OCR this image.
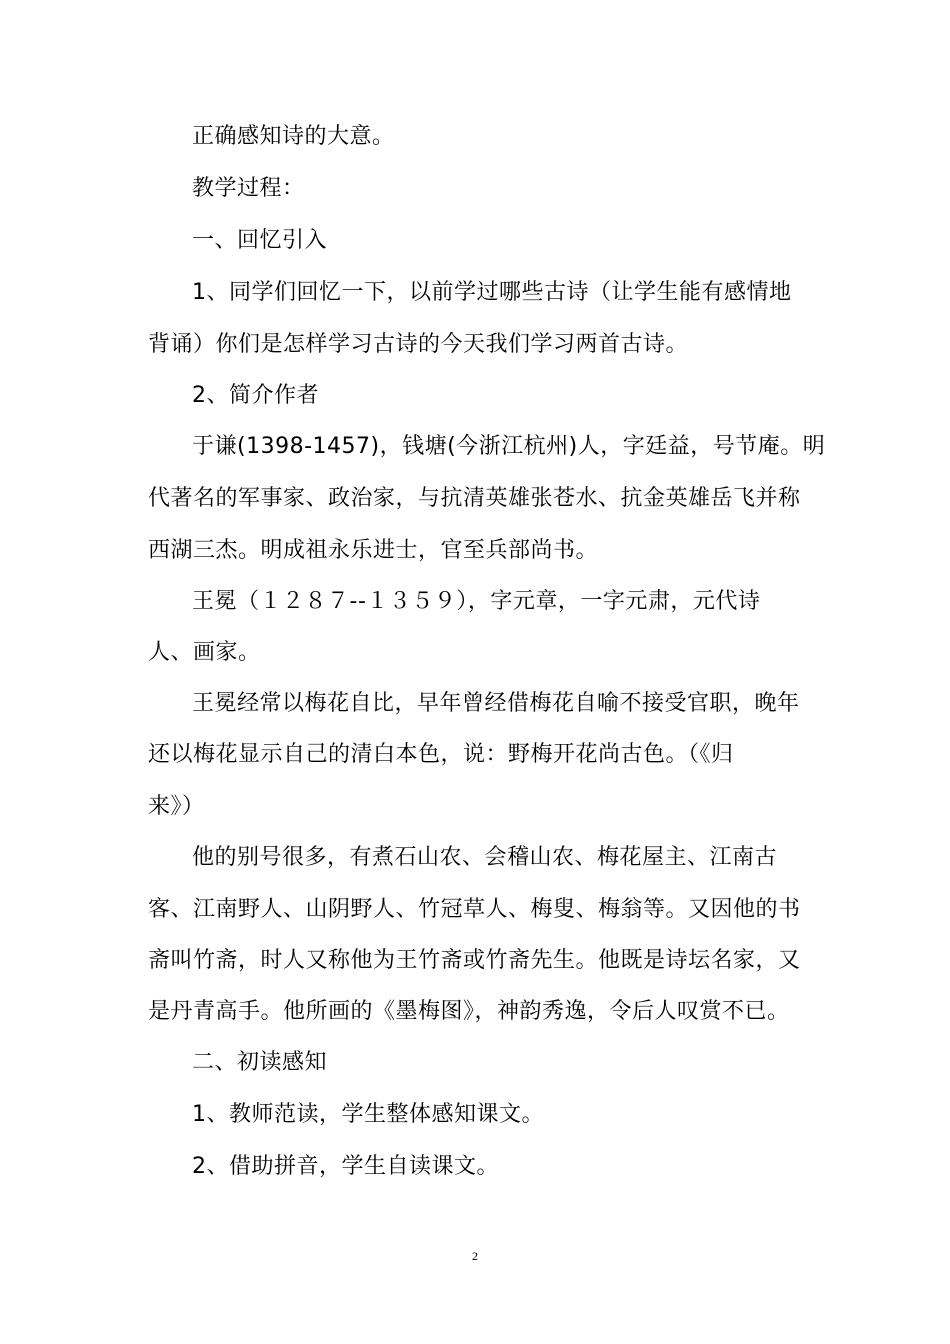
正确感知诗的大意。
教学过程：
一、回忆引入
1、同学们回忆一下，以前学过哪些古诗（让学生能有感情地
背诵）你们是怎样学习古诗的今天我们学习两首古诗。
2、简介作者
于谦(1398-1457)，钱塘(今浙江杭州)人，字廷益，号节庵。明
代著名的军事家、政治家，与抗清英雄张苍水、抗金英雄岳飞并称
西湖三杰。明成祖永乐进士，官至兵部尚书。
王冕（１２８７--１３５９），字元章，一字元肃，元代诗
人、画家。
王冕经常以梅花自比，早年曾经借梅花自喻不接受官职，晚年
还以梅花显示自己的清白本色，说：野梅开花尚古色。（《归
来》）
他的别号很多，有煮石山农、会稽山农、梅花屋主、江南古
客、江南野人、山阴野人、竹冠草人、梅叟、梅翁等。又因他的书
斋叫竹斋，时人又称他为王竹斋或竹斋先生。他既是诗坛名家，又
是丹青高手。他所画的《墨梅图》，神韵秀逸，令后人叹赏不已。
二、初读感知
1、教师范读，学生整体感知课文。
2、借助拼音，学生自读课文。
2
